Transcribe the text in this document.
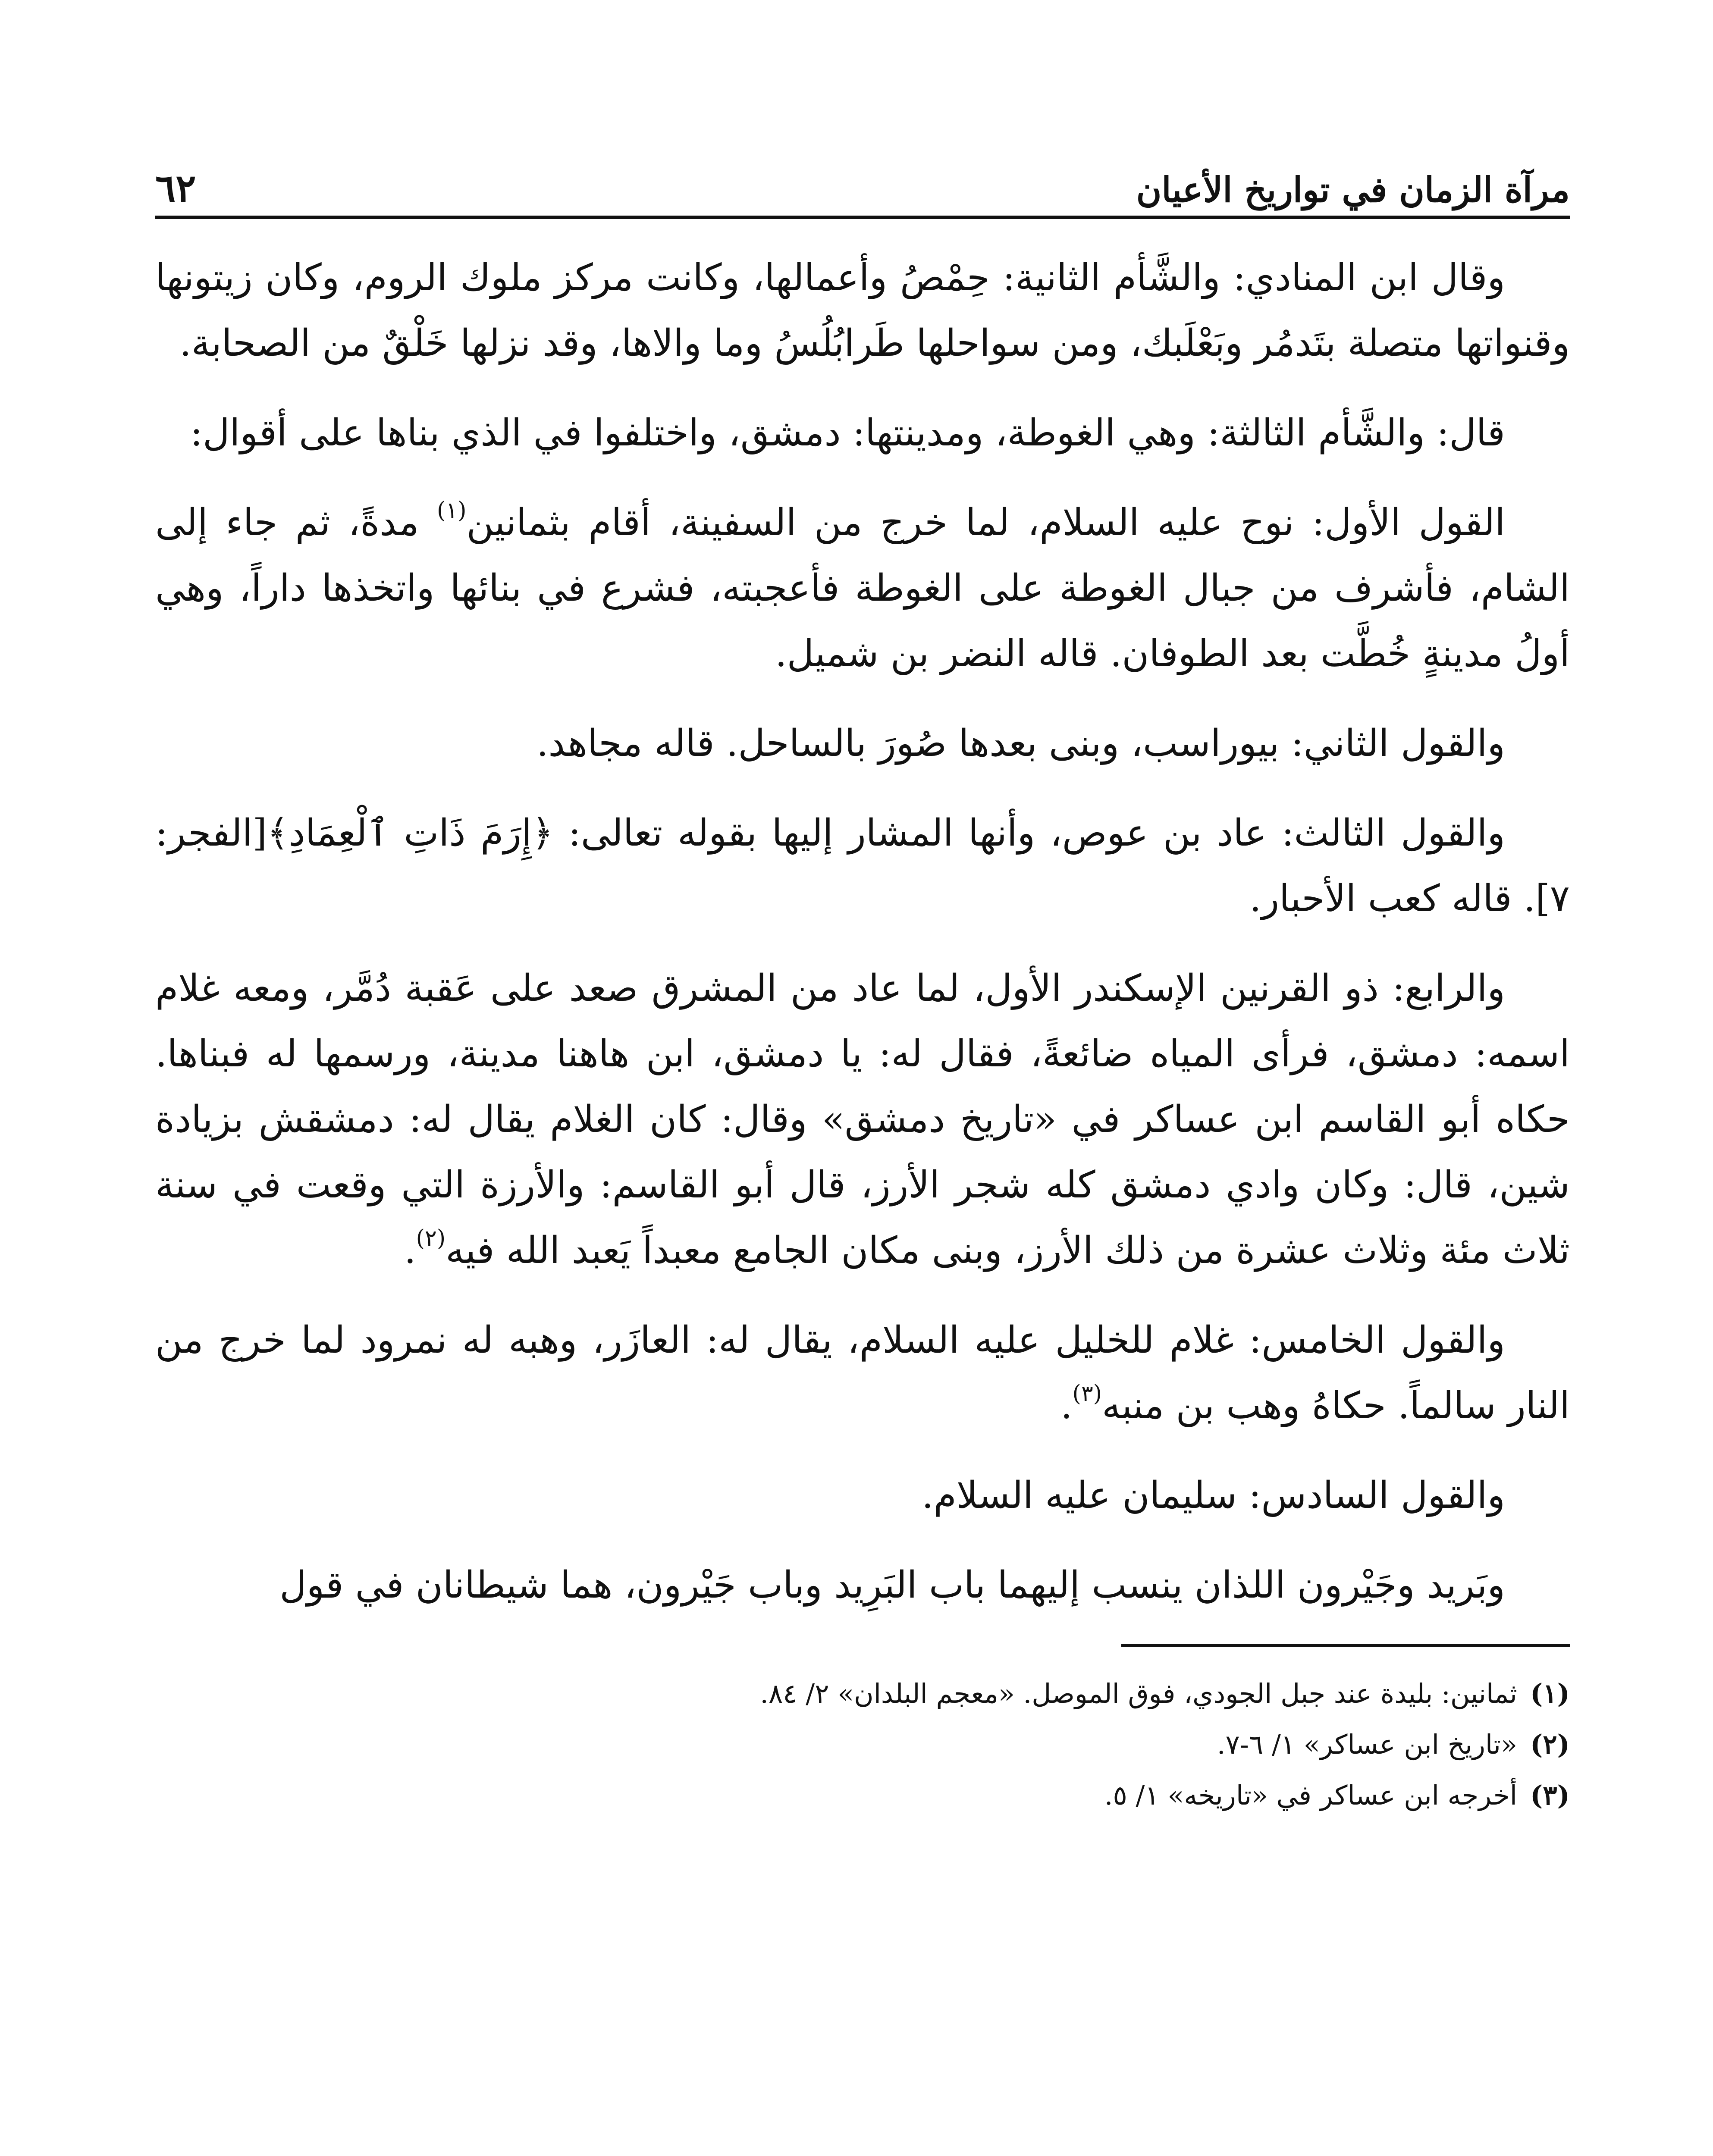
مرآة الزمان في تواريخ الأعيان
٦٢

وقال ابن المنادي: والشَّأم الثانية: حِمْصُ وأعمالها، وكانت مركز ملوك الروم، وكان زيتونها وقنواتها متصلة بتَدمُر وبَعْلَبك، ومن سواحلها طَرابُلُسُ وما والاها، وقد نزلها خَلْقٌ من الصحابة.

قال: والشَّأم الثالثة: وهي الغوطة، ومدينتها: دمشق، واختلفوا في الذي بناها على أقوال:

القول الأول: نوح عليه السلام، لما خرج من السفينة، أقام بثمانين$^{(١)}$ مدةً، ثم جاء إلى الشام، فأشرف من جبال الغوطة على الغوطة فأعجبته، فشرع في بنائها واتخذها داراً، وهي أولُ مدينةٍ خُطَّت بعد الطوفان. قاله النضر بن شميل.

والقول الثاني: بيوراسب، وبنى بعدها صُورَ بالساحل. قاله مجاهد.

والقول الثالث: عاد بن عوص، وأنها المشار إليها بقوله تعالى: ﴿إِرَمَ ذَاتِ ٱلْعِمَادِ﴾[الفجر: ٧]. قاله كعب الأحبار.

والرابع: ذو القرنين الإسكندر الأول، لما عاد من المشرق صعد على عَقبة دُمَّر، ومعه غلام اسمه: دمشق، فرأى المياه ضائعةً، فقال له: يا دمشق، ابن هاهنا مدينة، ورسمها له فبناها. حكاه أبو القاسم ابن عساكر في «تاريخ دمشق» وقال: كان الغلام يقال له: دمشقش بزيادة شين، قال: وكان وادي دمشق كله شجر الأرز، قال أبو القاسم: والأرزة التي وقعت في سنة ثلاث مئة وثلاث عشرة من ذلك الأرز، وبنى مكان الجامع معبداً يَعبد الله فيه$^{(٢)}$.

والقول الخامس: غلام للخليل عليه السلام، يقال له: العازَر، وهبه له نمرود لما خرج من النار سالماً. حكاهُ وهب بن منبه$^{(٣)}$.

والقول السادس: سليمان عليه السلام.

وبَريد وجَيْرون اللذان ينسب إليهما باب البَرِيد وباب جَيْرون، هما شيطانان في قول

(١)ثمانين: بليدة عند جبل الجودي، فوق الموصل. «معجم البلدان» ٢/ ٨٤.
(٢)«تاريخ ابن عساكر» ١/ ٦-٧.
(٣)أخرجه ابن عساكر في «تاريخه» ١/ ٥.
